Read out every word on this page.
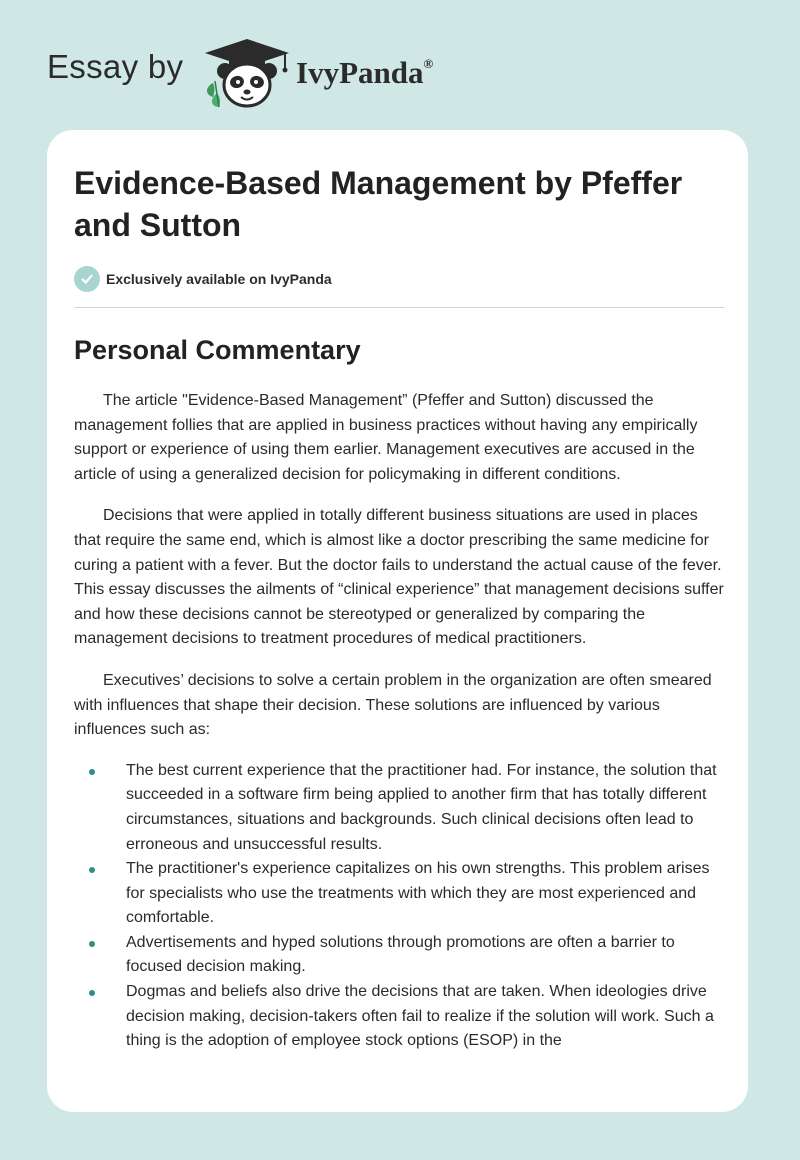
Essay by	IvyPanda®
Evidence-Based Management by Pfeffer and Sutton
Exclusively available on IvyPanda
Personal Commentary

The article "Evidence-Based Management” (Pfeffer and Sutton) discussed the management follies that are applied in business practices without having any empirically support or experience of using them earlier. Management executives are accused in the article of using a generalized decision for policymaking in different conditions.

Decisions that were applied in totally different business situations are used in places that require the same end, which is almost like a doctor prescribing the same medicine for curing a patient with a fever. But the doctor fails to understand the actual cause of the fever. This essay discusses the ailments of “clinical experience” that management decisions suffer and how these decisions cannot be stereotyped or generalized by comparing the management decisions to treatment procedures of medical practitioners.

Executives’ decisions to solve a certain problem in the organization are often smeared with influences that shape their decision. These solutions are influenced by various influences such as:

The best current experience that the practitioner had. For instance, the solution that succeeded in a software firm being applied to another firm that has totally different circumstances, situations and backgrounds. Such clinical decisions often lead to erroneous and unsuccessful results.
The practitioner's experience capitalizes on his own strengths. This problem arises for specialists who use the treatments with which they are most experienced and comfortable.
Advertisements and hyped solutions through promotions are often a barrier to focused decision making.
Dogmas and beliefs also drive the decisions that are taken. When ideologies drive decision making, decision-takers often fail to realize if the solution will work. Such a thing is the adoption of employee stock options (ESOP) in the
